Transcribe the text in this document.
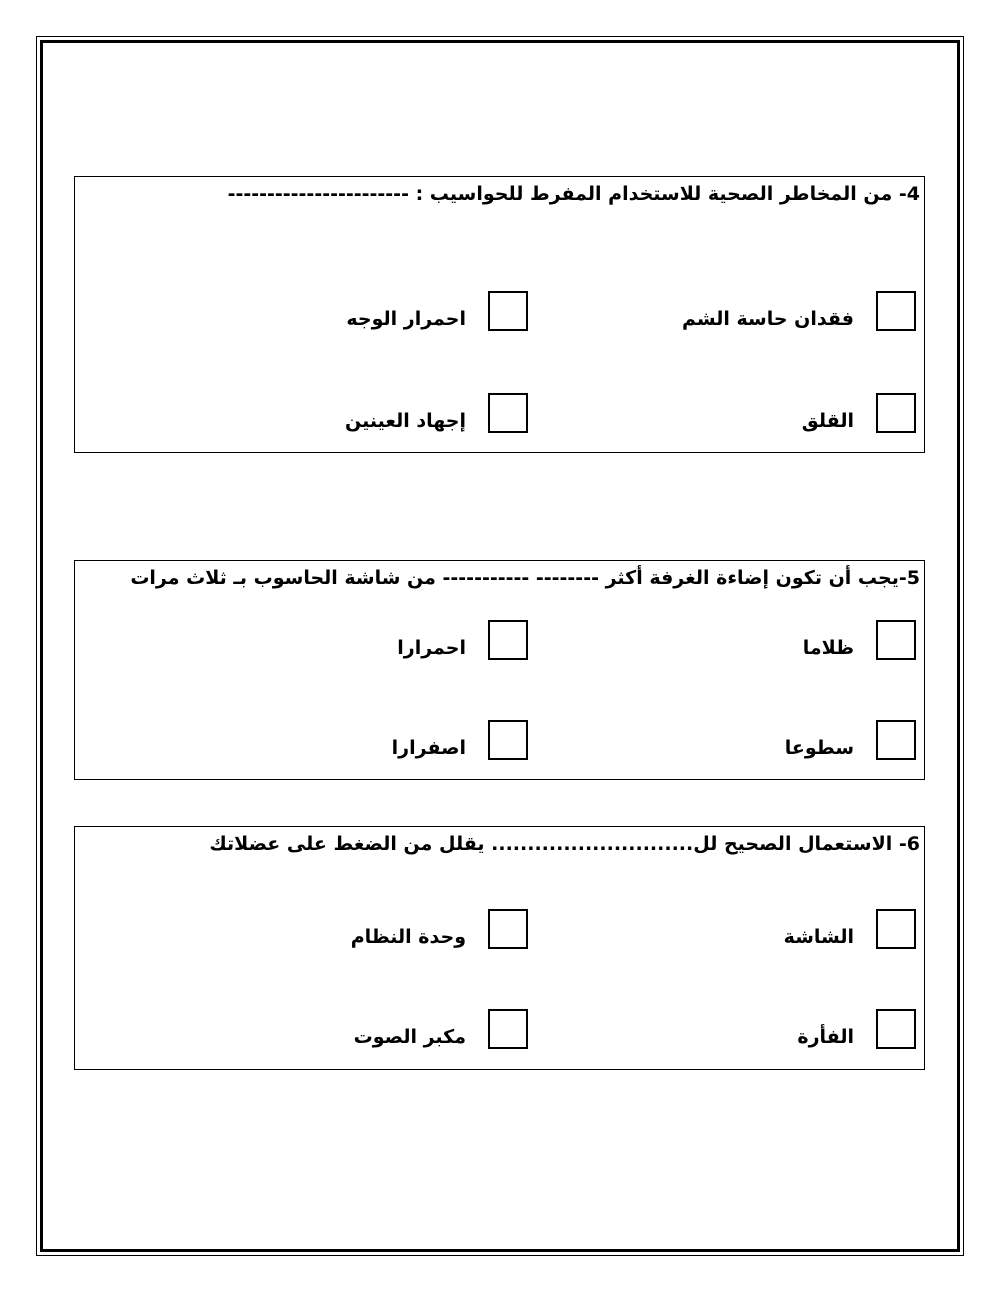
4- من المخاطر الصحية للاستخدام المفرط للحواسيب : -----------------------
فقدان حاسة الشم
احمرار الوجه
القلق
إجهاد العينين
5-يجب أن تكون إضاءة الغرفة أكثر -------- ----------- من شاشة الحاسوب بـ ثلاث مرات
ظلاما
احمرارا
سطوعا
اصفرارا
6- الاستعمال الصحيح لل............................ يقلل من الضغط على عضلاتك
الشاشة
وحدة النظام
الفأرة
مكبر الصوت
